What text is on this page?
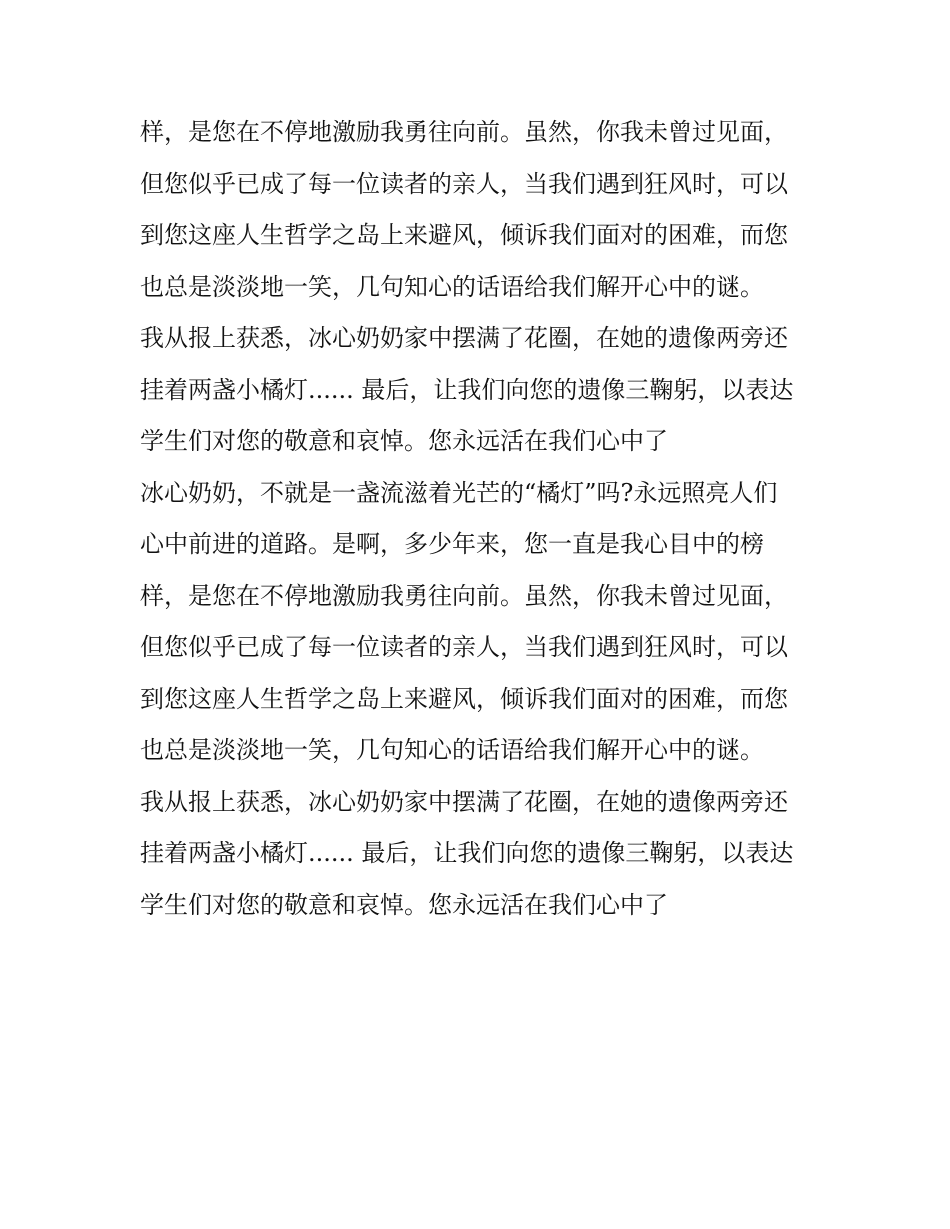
样，是您在不停地激励我勇往向前。虽然，你我未曾过见面，
但您似乎已成了每一位读者的亲人，当我们遇到狂风时，可以
到您这座人生哲学之岛上来避风，倾诉我们面对的困难，而您
也总是淡淡地一笑，几句知心的话语给我们解开心中的谜。
我从报上获悉，冰心奶奶家中摆满了花圈，在她的遗像两旁还
挂着两盏小橘灯...... 最后，让我们向您的遗像三鞠躬，以表达
学生们对您的敬意和哀悼。您永远活在我们心中了
冰心奶奶，不就是一盏流滋着光芒的“橘灯”吗?永远照亮人们
心中前进的道路。是啊，多少年来，您一直是我心目中的榜
样，是您在不停地激励我勇往向前。虽然，你我未曾过见面，
但您似乎已成了每一位读者的亲人，当我们遇到狂风时，可以
到您这座人生哲学之岛上来避风，倾诉我们面对的困难，而您
也总是淡淡地一笑，几句知心的话语给我们解开心中的谜。
我从报上获悉，冰心奶奶家中摆满了花圈，在她的遗像两旁还
挂着两盏小橘灯...... 最后，让我们向您的遗像三鞠躬，以表达
学生们对您的敬意和哀悼。您永远活在我们心中了
